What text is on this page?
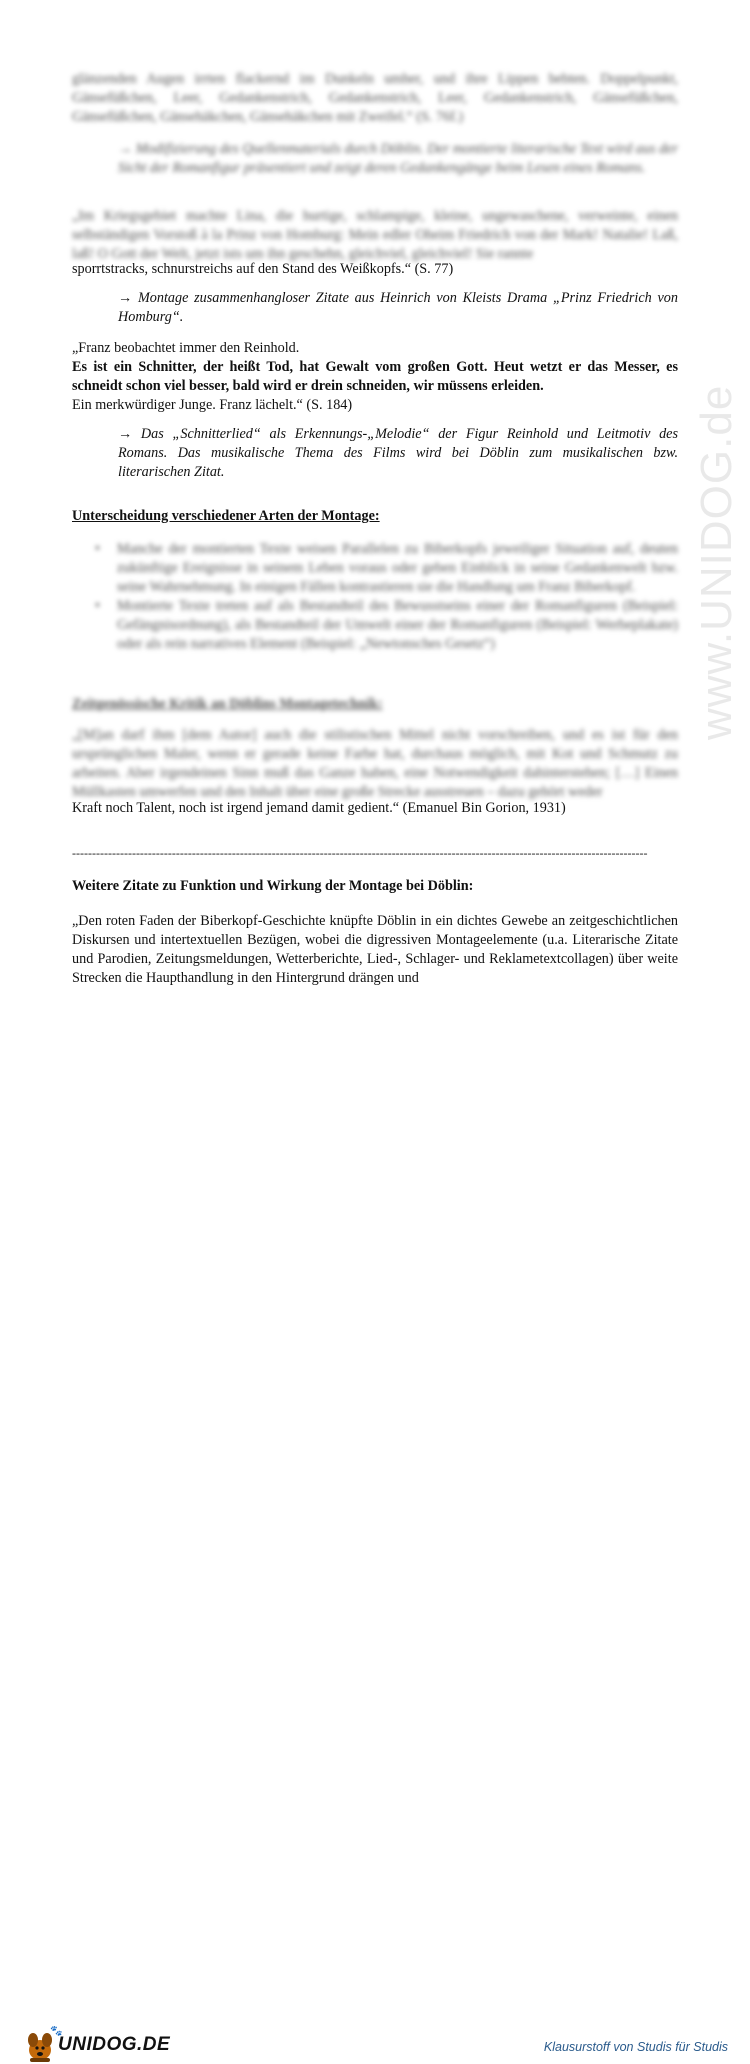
www.UNIDOG.de
glänzenden Augen irrten flackernd im Dunkeln umher, und ihre Lippen bebten. Doppelpunkt, Gänsefüßchen, Leer, Gedankenstrich, Gedankenstrich, Leer, Gedankenstrich, Gänsefüßchen, Gänsefüßchen, Gänsehäkchen, Gänsehäkchen mit Zweifel.“ (S. 76f.)
→ Modifizierung des Quellenmaterials durch Döblin. Der montierte literarische Text wird aus der Sicht der Romanfigur präsentiert und zeigt deren Gedankengänge beim Lesen eines Romans.
„Im Kriegsgebiet machte Lina, die hurtige, schlampige, kleine, ungewaschene, verweinte, einen selbständigen Vorstoß à la Prinz von Homburg: Mein edler Oheim Friedrich von der Mark! Natalie! Laß, laß! O Gott der Welt, jetzt ists um ihn geschehn, gleichviel, gleichviel! Sie rannte
sporrtstracks, schnurstreichs auf den Stand des Weißkopfs.“ (S. 77)
→ Montage zusammenhangloser Zitate aus Heinrich von Kleists Drama „Prinz Friedrich von Homburg“.
„Franz beobachtet immer den Reinhold.
Es ist ein Schnitter, der heißt Tod, hat Gewalt vom großen Gott. Heut wetzt er das Messer, es schneidt schon viel besser, bald wird er drein schneiden, wir müssens erleiden.
Ein merkwürdiger Junge. Franz lächelt.“ (S. 184)
→ Das „Schnitterlied“ als Erkennungs-„Melodie“ der Figur Reinhold und Leitmotiv des Romans. Das musikalische Thema des Films wird bei Döblin zum musikalischen bzw. literarischen Zitat.
Unterscheidung verschiedener Arten der Montage:
• Manche der montierten Texte weisen Parallelen zu Biberkopfs jeweiliger Situation auf, deuten zukünftige Ereignisse in seinem Leben voraus oder geben Einblick in seine Gedankenwelt bzw. seine Wahrnehmung. In einigen Fällen kontrastieren sie die Handlung um Franz Biberkopf.
• Montierte Texte treten auf als Bestandteil des Bewusstseins einer der Romanfiguren (Beispiel: Gefängnisordnung), als Bestandteil der Umwelt einer der Romanfiguren (Beispiel: Werbeplakate) oder als rein narratives Element (Beispiel: „Newtonsches Gesetz“)
Zeitgenössische Kritik an Döblins Montagetechnik:
„[M]an darf ihm [dem Autor] auch die stilistischen Mittel nicht vorschreiben, und es ist für den ursprünglichen Maler, wenn er gerade keine Farbe hat, durchaus möglich, mit Kot und Schmutz zu arbeiten. Aber irgendeinen Sinn muß das Ganze haben, eine Notwendigkeit dahinterstehen; […] Einen Müllkasten umwerfen und den Inhalt über eine große Strecke ausstreuen – dazu gehört weder
Kraft noch Talent, noch ist irgend jemand damit gedient.“ (Emanuel Bin Gorion, 1931)
------------------------------------------------------------------------------------------------------------------------------------------------
Weitere Zitate zu Funktion und Wirkung der Montage bei Döblin:
„Den roten Faden der Biberkopf-Geschichte knüpfte Döblin in ein dichtes Gewebe an zeitgeschichtlichen Diskursen und intertextuellen Bezügen, wobei die digressiven Montageelemente (u.a. Literarische Zitate und Parodien, Zeitungsmeldungen, Wetterberichte, Lied-, Schlager- und Reklametextcollagen) über weite Strecken die Haupthandlung in den Hintergrund drängen und
🐾
UNIDOG.DE	Klausurstoff von Studis für Studis
